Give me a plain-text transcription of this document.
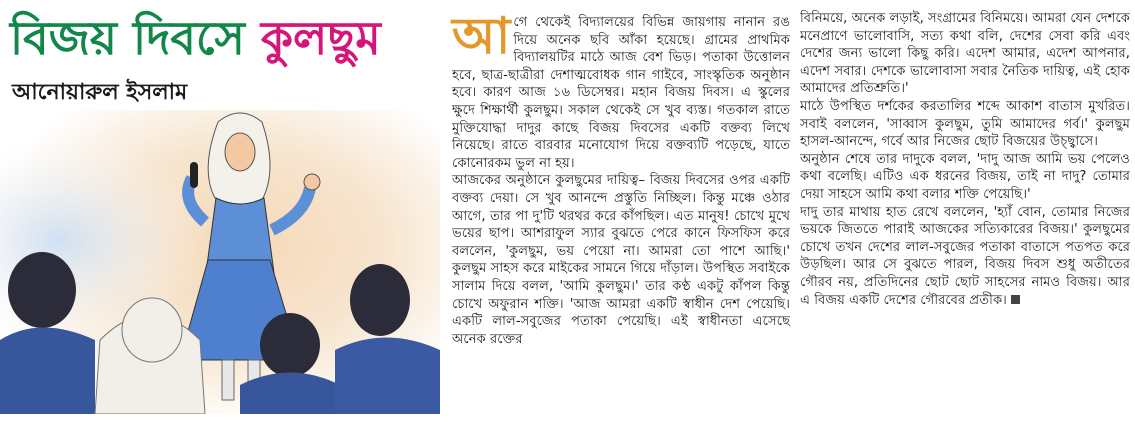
বিজয় দিবসে কুলছুম
আনোয়ারুল ইসলাম
আ গে থেকেই বিদ্যালয়ের বিভিন্ন জায়গায় নানান রঙ দিয়ে অনেক ছবি আঁকা হয়েছে। গ্রামের প্রাথমিক বিদ্যালয়টির মাঠে আজ বেশ ভিড়। পতাকা উত্তোলন হবে, ছাত্র-ছাত্রীরা দেশাত্মবোধক গান গাইবে, সাংস্কৃতিক অনুষ্ঠান হবে। কারণ আজ ১৬ ডিসেম্বর। মহান বিজয় দিবস। এ স্কুলের ক্ষুদে শিক্ষার্থী কুলছুম। সকাল থেকেই সে খুব ব্যস্ত। গতকাল রাতে মুক্তিযোদ্ধা দাদুর কাছে বিজয় দিবসের একটি বক্তব্য লিখে নিয়েছে। রাতে বারবার মনোযোগ দিয়ে বক্তব্যটি পড়েছে, যাতে কোনোরকম ভুল না হয়।

আজকের অনুষ্ঠানে কুলছুমের দায়িত্ব– বিজয় দিবসের ওপর একটি বক্তব্য দেয়া। সে খুব আনন্দে প্রস্তুতি নিচ্ছিল। কিন্তু মঞ্চে ওঠার আগে, তার পা দু'টি থরথর করে কাঁপছিল। এত মানুষ! চোখে মুখে ভয়ের ছাপ। আশরাফুল স্যার বুঝতে পেরে কানে ফিসফিস করে বললেন, 'কুলছুম, ভয় পেয়ো না। আমরা তো পাশে আছি।' কুলছুম সাহস করে মাইকের সামনে গিয়ে দাঁড়াল। উপস্থিত সবাইকে সালাম দিয়ে বলল, 'আমি কুলছুম।' তার কণ্ঠ একটু কাঁপল কিন্তু চোখে অফুরান শক্তি। 'আজ আমরা একটি স্বাধীন দেশ পেয়েছি। একটি লাল-সবুজের পতাকা পেয়েছি। এই স্বাধীনতা এসেছে অনেক রক্তের

বিনিময়ে, অনেক লড়াই, সংগ্রামের বিনিময়ে। আমরা যেন দেশকে মনেপ্রাণে ভালোবাসি, সত্য কথা বলি, দেশের সেবা করি এবং দেশের জন্য ভালো কিছু করি। এদেশ আমার, এদেশ আপনার, এদেশ সবার। দেশকে ভালোবাসা সবার নৈতিক দায়িত্ব, এই হোক আমাদের প্রতিশ্রুতি।'

মাঠে উপস্থিত দর্শকের করতালির শব্দে আকাশ বাতাস মুখরিত। সবাই বললেন, 'সাব্বাস কুলছুম, তুমি আমাদের গর্ব।' কুলছুম হাসল-আনন্দে, গর্বে আর নিজের ছোট বিজয়ের উচ্ছ্বাসে।

অনুষ্ঠান শেষে তার দাদুকে বলল, 'দাদু আজ আমি ভয় পেলেও কথা বলেছি। এটিও এক ধরনের বিজয়, তাই না দাদু? তোমার দেয়া সাহসে আমি কথা বলার শক্তি পেয়েছি।'

দাদু তার মাথায় হাত রেখে বললেন, 'হ্যাঁ বোন, তোমার নিজের ভয়কে জিততে পারাই আজকের সত্যিকারের বিজয়।' কুলছুমের চোখে তখন দেশের লাল-সবুজের পতাকা বাতাসে পতপত করে উড়ছিল। আর সে বুঝতে পারল, বিজয় দিবস শুধু অতীতের গৌরব নয়, প্রতিদিনের ছোট ছোট সাহসের নামও বিজয়। আর এ বিজয় একটি দেশের গৌরবের প্রতীক।
